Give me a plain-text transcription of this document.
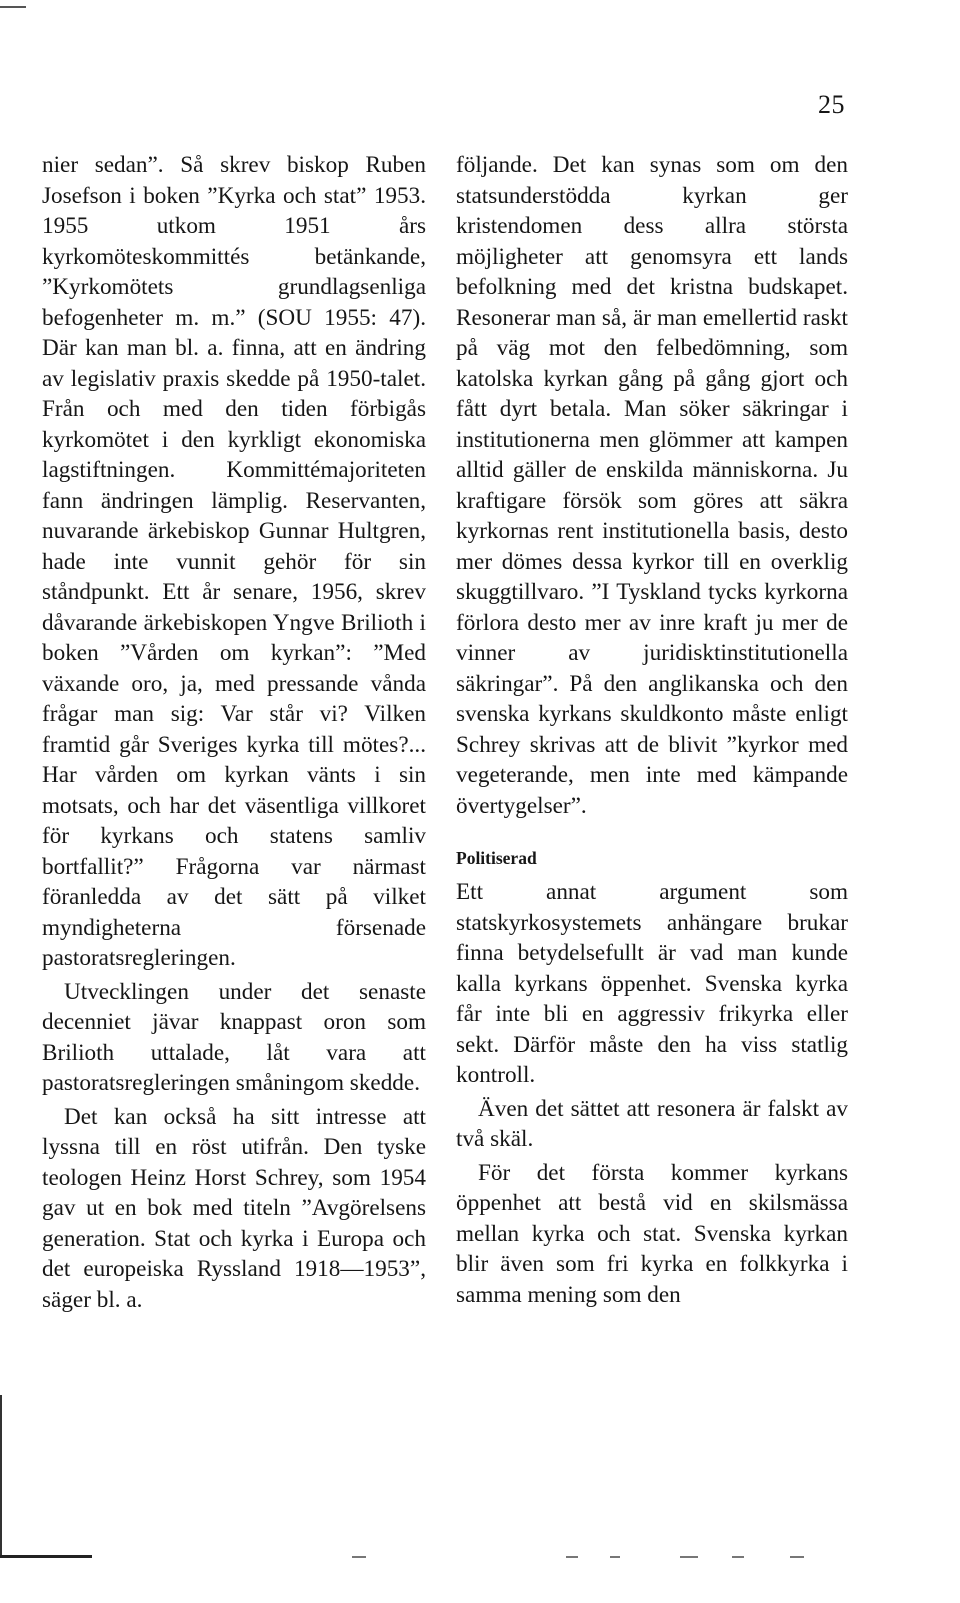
25

nier sedan”. Så skrev biskop Ruben Josefson i boken ”Kyrka och stat” 1953. 1955 utkom 1951 års kyrkomöteskommittés betänkande, ”Kyrkomötets grundlagsenliga befogenheter m. m.” (SOU 1955: 47). Där kan man bl. a. finna, att en ändring av legislativ praxis skedde på 1950-talet. Från och med den tiden förbigås kyrkomötet i den kyrkligt ekonomiska lagstiftningen. Kommittémajoriteten fann ändringen lämplig. Reservanten, nuvarande ärkebiskop Gunnar Hultgren, hade inte vunnit gehör för sin ståndpunkt. Ett år senare, 1956, skrev dåvarande ärkebiskopen Yngve Brilioth i boken ”Vården om kyrkan”: ”Med växande oro, ja, med pressande vånda frågar man sig: Var står vi? Vilken framtid går Sveriges kyrka till mötes?... Har vården om kyrkan vänts i sin motsats, och har det väsentliga villkoret för kyrkans och statens samliv bortfallit?” Frågorna var närmast föranledda av det sätt på vilket myndigheterna försenade pastoratsregleringen.

Utvecklingen under det senaste decenniet jävar knappast oron som Brilioth uttalade, låt vara att pastoratsregleringen småningom skedde.

Det kan också ha sitt intresse att lyssna till en röst utifrån. Den tyske teologen Heinz Horst Schrey, som 1954 gav ut en bok med titeln ”Avgörelsens generation. Stat och kyrka i Europa och det europeiska Ryssland 1918—1953”, säger bl. a.

följande. Det kan synas som om den statsunderstödda kyrkan ger kristendomen dess allra största möjligheter att genomsyra ett lands befolkning med det kristna budskapet. Resonerar man så, är man emellertid raskt på väg mot den felbedömning, som katolska kyrkan gång på gång gjort och fått dyrt betala. Man söker säkringar i institutionerna men glömmer att kampen alltid gäller de enskilda människorna. Ju kraftigare försök som göres att säkra kyrkornas rent institutionella basis, desto mer dömes dessa kyrkor till en overklig skuggtillvaro. ”I Tyskland tycks kyrkorna förlora desto mer av inre kraft ju mer de vinner av juridisktinstitutionella säkringar”. På den anglikanska och den svenska kyrkans skuldkonto måste enligt Schrey skrivas att de blivit ”kyrkor med vegeterande, men inte med kämpande övertygelser”.

Politiserad

Ett annat argument som statskyrkosystemets anhängare brukar finna betydelsefullt är vad man kunde kalla kyrkans öppenhet. Svenska kyrka får inte bli en aggressiv frikyrka eller sekt. Därför måste den ha viss statlig kontroll.

Även det sättet att resonera är falskt av två skäl.

För det första kommer kyrkans öppenhet att bestå vid en skilsmässa mellan kyrka och stat. Svenska kyrkan blir även som fri kyrka en folkkyrka i samma mening som den
